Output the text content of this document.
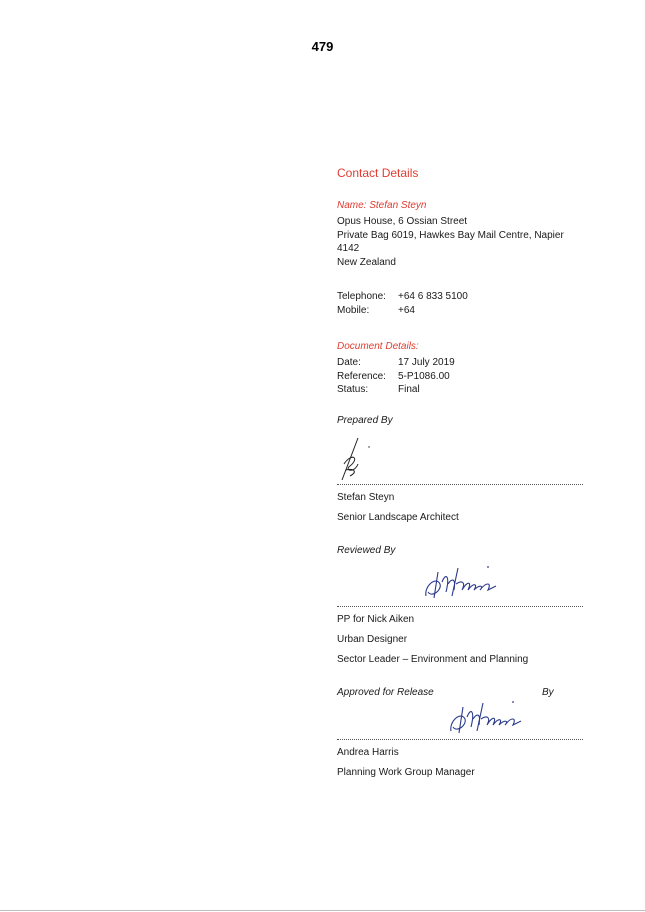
479
Contact Details
Name: Stefan Steyn
Opus House, 6 Ossian Street
Private Bag 6019, Hawkes Bay Mail Centre, Napier 4142
New Zealand
Telephone:	+64 6 833 5100
Mobile:	+64
Document Details:
Date:	17 July 2019
Reference:	5-P1086.00
Status:	Final
Prepared By
Stefan Steyn
Senior Landscape Architect
Reviewed By
PP for Nick Aiken
Urban Designer
Sector Leader – Environment and Planning
Approved for Release	By
Andrea Harris
Planning Work Group Manager
